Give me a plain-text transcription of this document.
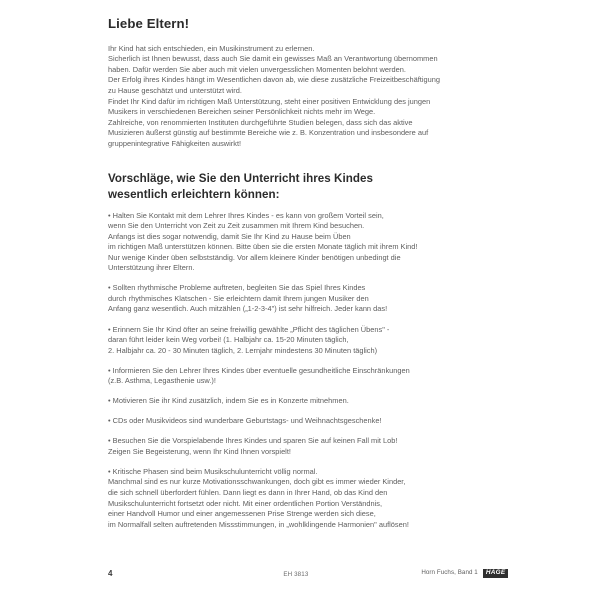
Liebe Eltern!

Ihr Kind hat sich entschieden, ein Musikinstrument zu erlernen.

Sicherlich ist Ihnen bewusst, dass auch Sie damit ein gewisses Maß an Verantwortung übernommen

haben. Dafür werden Sie aber auch mit vielen unvergesslichen Momenten belohnt werden.

Der Erfolg ihres Kindes hängt im Wesentlichen davon ab, wie diese zusätzliche Freizeitbeschäftigung

zu Hause geschätzt und unterstützt wird.

Findet Ihr Kind dafür im richtigen Maß Unterstützung, steht einer positiven Entwicklung des jungen

Musikers in verschiedenen Bereichen seiner Persönlichkeit nichts mehr im Wege.

Zahlreiche, von renommierten Instituten durchgeführte Studien belegen, dass sich das aktive

Musizieren äußerst günstig auf bestimmte Bereiche wie z. B. Konzentration und insbesondere auf

gruppenintegrative Fähigkeiten auswirkt!

Vorschläge, wie Sie den Unterricht ihres Kindes
wesentlich erleichtern können:

• Halten Sie Kontakt mit dem Lehrer Ihres Kindes - es kann von großem Vorteil sein,

wenn Sie den Unterricht von Zeit zu Zeit zusammen mit Ihrem Kind besuchen.

Anfangs ist dies sogar notwendig, damit Sie Ihr Kind zu Hause beim Üben

im richtigen Maß unterstützen können. Bitte üben sie die ersten Monate täglich mit ihrem Kind!

Nur wenige Kinder üben selbstständig. Vor allem kleinere Kinder benötigen unbedingt die

Unterstützung ihrer Eltern.

• Sollten rhythmische Probleme auftreten, begleiten Sie das Spiel Ihres Kindes

durch rhythmisches Klatschen - Sie erleichtern damit Ihrem jungen Musiker den

Anfang ganz wesentlich. Auch mitzählen („1-2-3-4") ist sehr hilfreich. Jeder kann das!

• Erinnern Sie Ihr Kind öfter an seine freiwillig gewählte „Pflicht des täglichen Übens" -

daran führt leider kein Weg vorbei! (1. Halbjahr ca. 15-20 Minuten täglich,

2. Halbjahr ca. 20 - 30 Minuten täglich, 2. Lernjahr mindestens 30 Minuten täglich)

• Informieren Sie den Lehrer Ihres Kindes über eventuelle gesundheitliche Einschränkungen

(z.B. Asthma, Legasthenie usw.)!

• Motivieren Sie ihr Kind zusätzlich, indem Sie es in Konzerte mitnehmen.

• CDs oder Musikvideos sind wunderbare Geburtstags- und Weihnachtsgeschenke!

• Besuchen Sie die Vorspielabende Ihres Kindes und sparen Sie auf keinen Fall mit Lob!

Zeigen Sie Begeisterung, wenn Ihr Kind Ihnen vorspielt!

• Kritische Phasen sind beim Musikschulunterricht völlig normal.

Manchmal sind es nur kurze Motivationsschwankungen, doch gibt es immer wieder Kinder,

die sich schnell überfordert fühlen. Dann liegt es dann in Ihrer Hand, ob das Kind den

Musikschulunterricht fortsetzt oder nicht. Mit einer ordentlichen Portion Verständnis,

einer Handvoll Humor und einer angemessenen Prise Strenge werden sich diese,

im Normalfall selten auftretenden Missstimmungen, in „wohlklingende Harmonien" auflösen!

4	EH 3813	Horn Fuchs, Band 1	HAGE
